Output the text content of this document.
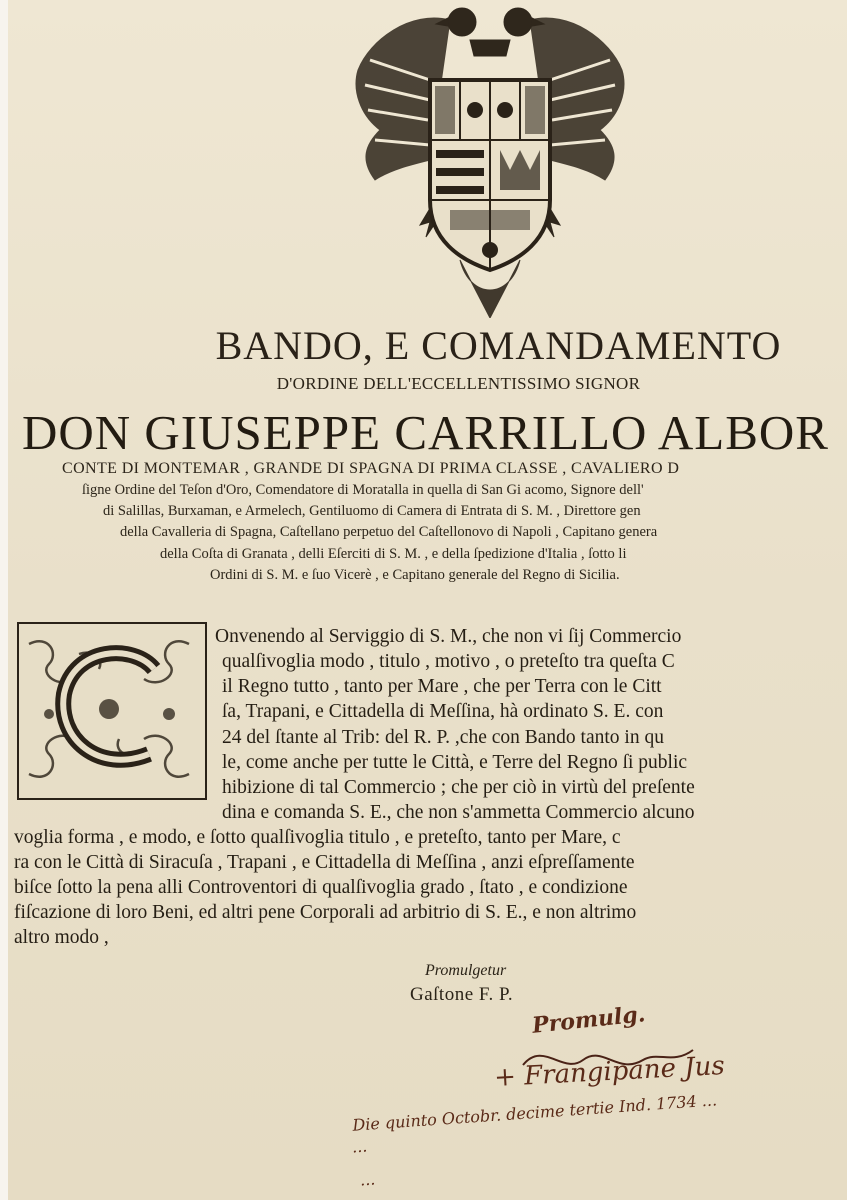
BANDO, E COMANDAMENTO
D'ORDINE DELL'ECCELLENTISSIMO SIGNOR
DON GIUSEPPE CARRILLO ALBOR
CONTE DI MONTEMAR , GRANDE DI SPAGNA DI PRIMA CLASSE , CAVALIERO D
ſigne Ordine del Teſon d'Oro, Comendatore di Moratalla in quella di San Gi acomo, Signore dell'
di Salillas, Burxaman, e Armelech, Gentiluomo di Camera di Entrata di S. M. , Direttore gen
della Cavalleria di Spagna, Caſtellano perpetuo del Caſtellonovo di Napoli , Capitano genera
della Coſta di Granata , delli Eſerciti di S. M. , e della ſpedizione d'Italia , ſotto li
Ordini di S. M. e ſuo Vicerè , e Capitano generale del Regno di Sicilia.
Onvenendo al Serviggio di S. M., che non vi ſij Commercio
qualſivoglia modo , titulo , motivo , o preteſto tra queſta C
il Regno tutto , tanto per Mare , che per Terra con le Citt
ſa, Trapani, e Cittadella di Meſſina, hà ordinato S. E. con
24 del ſtante al Trib: del R. P. ,che con Bando tanto in qu
le, come anche per tutte le Città, e Terre del Regno ſi public
hibizione di tal Commercio ; che per ciò in virtù del preſente
dina e comanda S. E., che non s'ammetta Commercio alcuno
voglia forma , e modo, e ſotto qualſivoglia titulo , e preteſto, tanto per Mare, c
ra con le Città di Siracuſa , Trapani , e Cittadella di Meſſina , anzi eſpreſſamente
biſce ſotto la pena alli Controventori di qualſivoglia grado , ſtato , e condizione
fiſcazione di loro Beni, ed altri pene Corporali ad arbitrio di S. E., e non altrimo
altro modo ,
Promulgetur
Gaſtone F. P.
Promulg.
+ Frangipane Jus
Die quinto Octobr. decime tertie Ind. 1734 ...
...
...
